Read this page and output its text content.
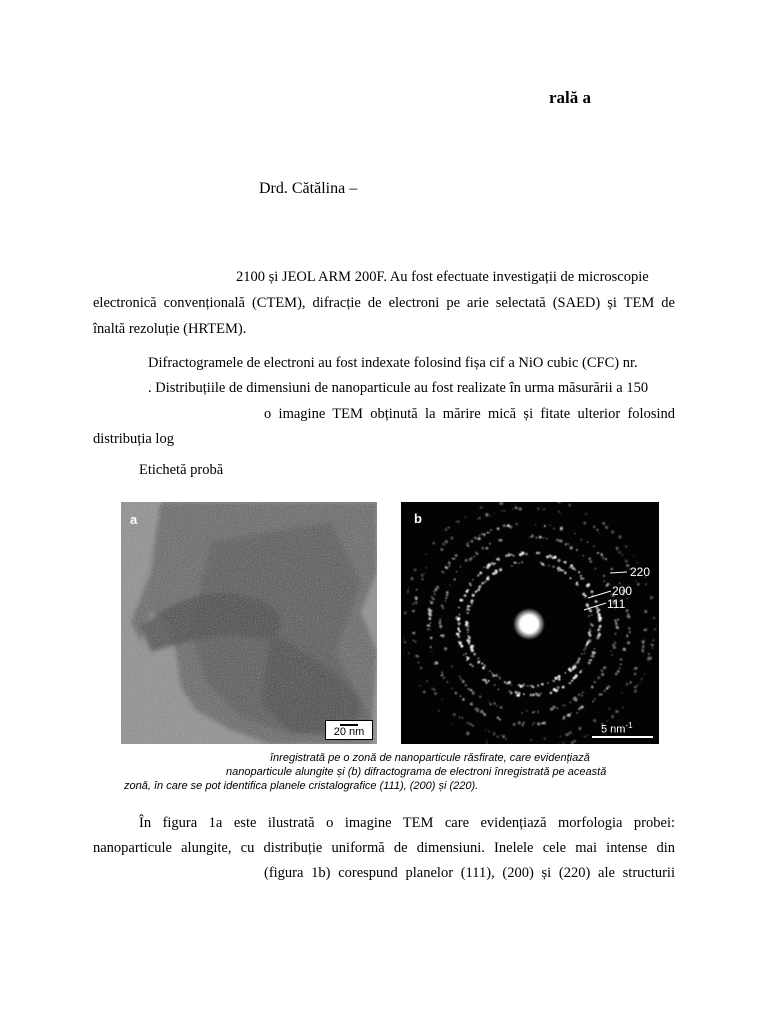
rală a
Drd. Cătălina –
2100 și JEOL ARM 200F. Au fost efectuate investigații de microscopie
electronică convențională (CTEM), difracție de electroni pe arie selectată (SAED) și TEM de
înaltă rezoluție (HRTEM).
Difractogramele de electroni au fost indexate folosind fișa cif a NiO cubic (CFC) nr.
. Distribuțiile de dimensiuni de nanoparticule au fost realizate în urma măsurării a 150
o imagine TEM obținută la mărire mică și fitate ulterior folosind
distribuția log
Etichetă probă
a
20 nm
220
200
111
b
5 $nm^{-1}$
înregistrată pe o zonă de nanoparticule răsfirate, care evidențiază
nanoparticule alungite și (b) difractograma de electroni înregistrată pe această
zonă, în care se pot identifica planele cristalografice (111), (200) și (220).
În figura 1a este ilustrată o imagine TEM care evidențiază morfologia probei:
nanoparticule alungite, cu distribuție uniformă de dimensiuni. Inelele cele mai intense din
(figura 1b) corespund planelor (111), (200) și (220) ale structurii
